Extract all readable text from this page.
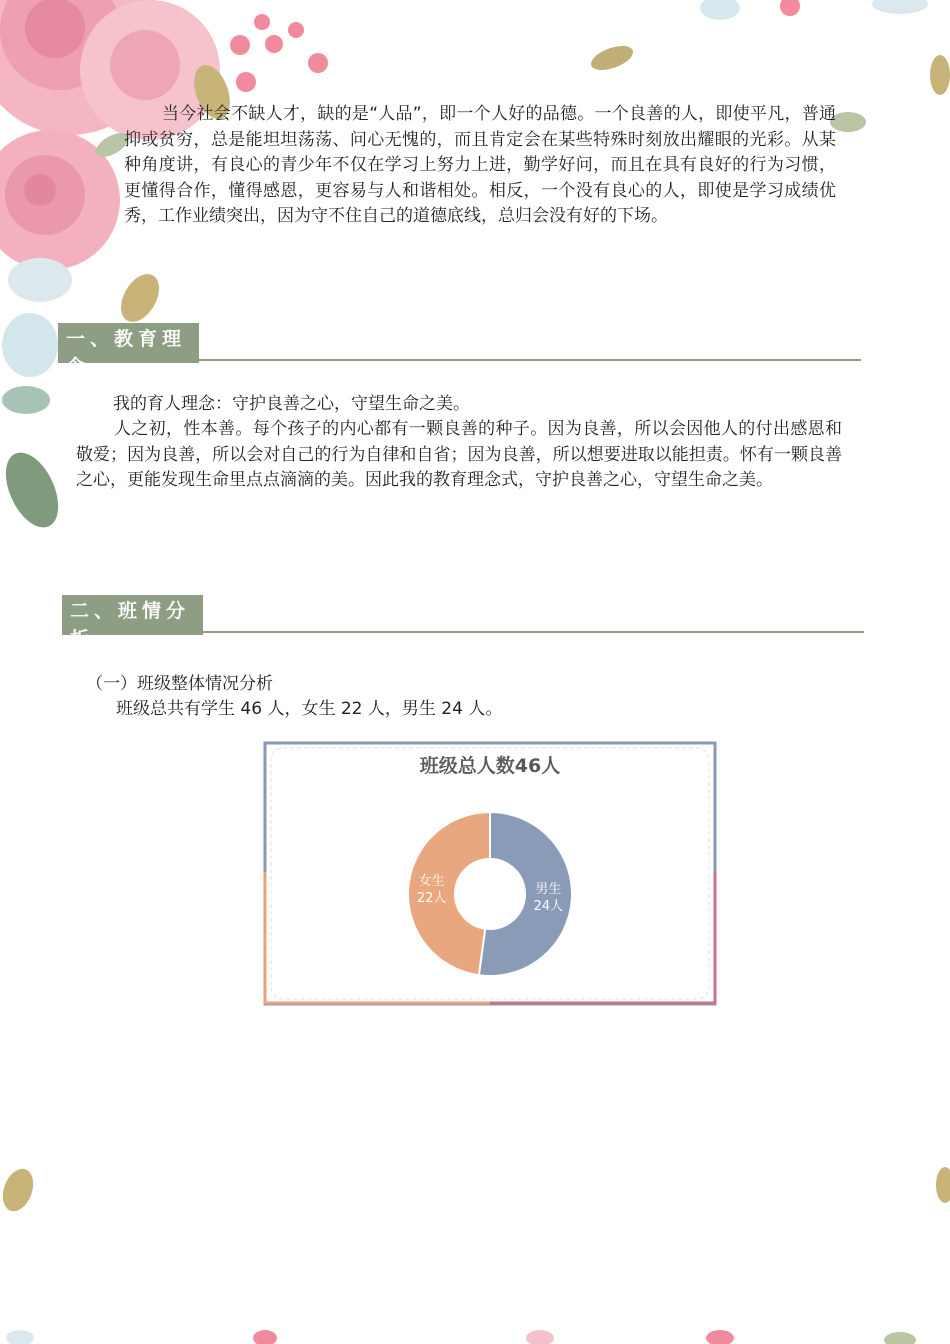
当今社会不缺人才，缺的是“人品”，即一个人好的品德。一个良善的人，即使平凡，普通抑或贫穷，总是能坦坦荡荡、问心无愧的，而且肯定会在某些特殊时刻放出耀眼的光彩。从某种角度讲，有良心的青少年不仅在学习上努力上进，勤学好问，而且在具有良好的行为习惯，更懂得合作，懂得感恩，更容易与人和谐相处。相反，一个没有良心的人，即使是学习成绩优秀，工作业绩突出，因为守不住自己的道德底线，总归会没有好的下场。

一、教育理念

我的育人理念：守护良善之心，守望生命之美。

人之初，性本善。每个孩子的内心都有一颗良善的种子。因为良善，所以会因他人的付出感恩和敬爱；因为良善，所以会对自己的行为自律和自省；因为良善，所以想要进取以能担责。怀有一颗良善之心，更能发现生命里点点滴滴的美。因此我的教育理念式，守护良善之心，守望生命之美。

二、班情分析

（一）班级整体情况分析

班级总共有学生 46 人，女生 22 人，男生 24 人。

班级总人数46人
男生
24人
女生
22人
